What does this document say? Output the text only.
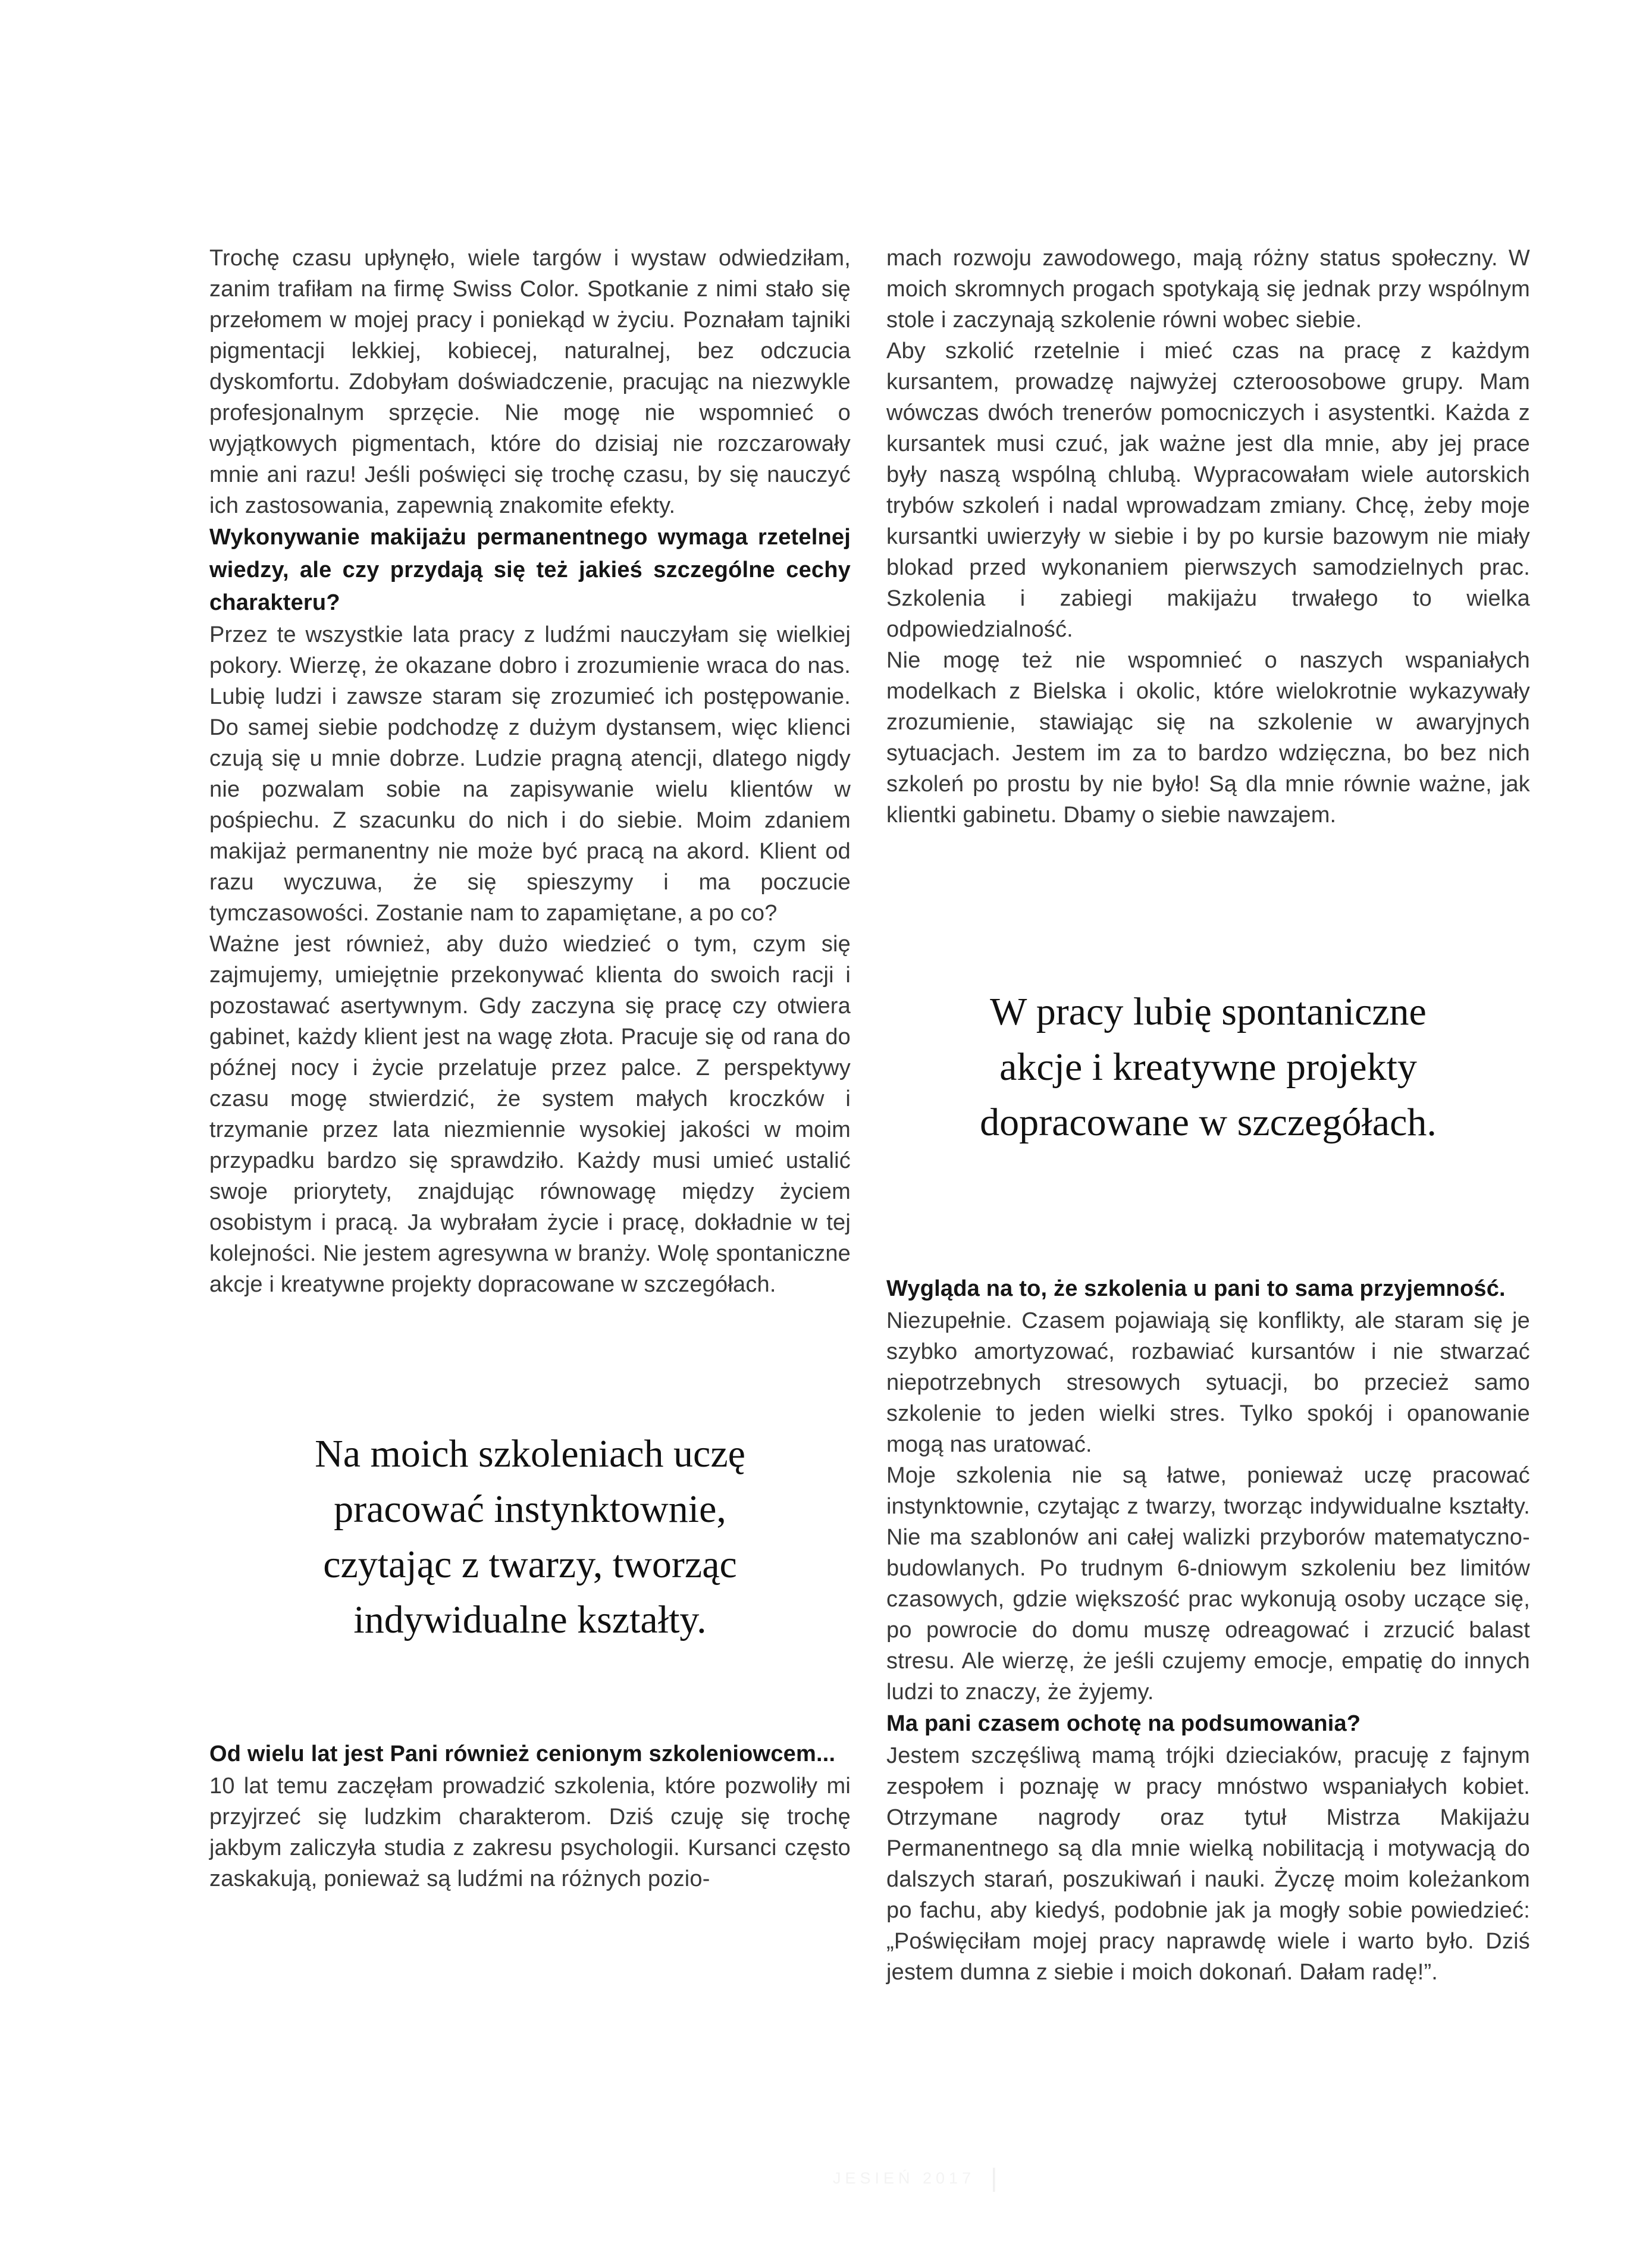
Trochę czasu upłynęło, wiele targów i wystaw odwiedziłam, zanim trafiłam na firmę Swiss Color. Spotkanie z nimi stało się przełomem w mojej pracy i poniekąd w życiu. Poznałam tajniki pigmentacji lekkiej, kobiecej, naturalnej, bez odczucia dyskomfortu. Zdobyłam doświadczenie, pracując na niezwykle profesjonalnym sprzęcie. Nie mogę nie wspomnieć o wyjątkowych pigmentach, które do dzisiaj nie rozczarowały mnie ani razu! Jeśli poświęci się trochę czasu, by się nauczyć ich zastosowania, zapewnią znakomite efekty.

Wykonywanie makijażu permanentnego wymaga rzetelnej wiedzy, ale czy przydają się też jakieś szczególne cechy charakteru?

Przez te wszystkie lata pracy z ludźmi nauczyłam się wielkiej pokory. Wierzę, że okazane dobro i zrozumienie wraca do nas. Lubię ludzi i zawsze staram się zrozumieć ich postępowanie. Do samej siebie podchodzę z dużym dystansem, więc klienci czują się u mnie dobrze. Ludzie pragną atencji, dlatego nigdy nie pozwalam sobie na zapisywanie wielu klientów w pośpiechu. Z szacunku do nich i do siebie. Moim zdaniem makijaż permanentny nie może być pracą na akord. Klient od razu wyczuwa, że się spieszymy i ma poczucie tymczasowości. Zostanie nam to zapamiętane, a po co?

Ważne jest również, aby dużo wiedzieć o tym, czym się zajmujemy, umiejętnie przekonywać klienta do swoich racji i pozostawać asertywnym. Gdy zaczyna się pracę czy otwiera gabinet, każdy klient jest na wagę złota. Pracuje się od rana do późnej nocy i życie przelatuje przez palce. Z perspektywy czasu mogę stwierdzić, że system małych kroczków i trzymanie przez lata niezmiennie wysokiej jakości w moim przypadku bardzo się sprawdziło. Każdy musi umieć ustalić swoje priorytety, znajdując równowagę między życiem osobistym i pracą. Ja wybrałam życie i pracę, dokładnie w tej kolejności. Nie jestem agresywna w branży. Wolę spontaniczne akcje i kreatywne projekty dopracowane w szczegółach.

Na moich szkoleniach uczę
pracować instynktownie,
czytając z twarzy, tworząc
indywidualne kształty.
Od wielu lat jest Pani również cenionym szkoleniowcem...

10 lat temu zaczęłam prowadzić szkolenia, które pozwoliły mi przyjrzeć się ludzkim charakterom. Dziś czuję się trochę jakbym zaliczyła studia z zakresu psychologii. Kursanci często zaskakują, ponieważ są ludźmi na różnych pozio-

mach rozwoju zawodowego, mają różny status społeczny. W moich skromnych progach spotykają się jednak przy wspólnym stole i zaczynają szkolenie równi wobec siebie.

Aby szkolić rzetelnie i mieć czas na pracę z każdym kursantem, prowadzę najwyżej czteroosobowe grupy. Mam wówczas dwóch trenerów pomocniczych i asystentki. Każda z kursantek musi czuć, jak ważne jest dla mnie, aby jej prace były naszą wspólną chlubą. Wypracowałam wiele autorskich trybów szkoleń i nadal wprowadzam zmiany. Chcę, żeby moje kursantki uwierzyły w siebie i by po kursie bazowym nie miały blokad przed wykonaniem pierwszych samodzielnych prac. Szkolenia i zabiegi makijażu trwałego to wielka odpowiedzialność.

Nie mogę też nie wspomnieć o naszych wspaniałych modelkach z Bielska i okolic, które wielokrotnie wykazywały zrozumienie, stawiając się na szkolenie w awaryjnych sytuacjach. Jestem im za to bardzo wdzięczna, bo bez nich szkoleń po prostu by nie było! Są dla mnie równie ważne, jak klientki gabinetu. Dbamy o siebie nawzajem.

W pracy lubię spontaniczne
akcje i kreatywne projekty
dopracowane w szczegółach.
Wygląda na to, że szkolenia u pani to sama przyjemność.

Niezupełnie. Czasem pojawiają się konflikty, ale staram się je szybko amortyzować, rozbawiać kursantów i nie stwarzać niepotrzebnych stresowych sytuacji, bo przecież samo szkolenie to jeden wielki stres. Tylko spokój i opanowanie mogą nas uratować.

Moje szkolenia nie są łatwe, ponieważ uczę pracować instynktownie, czytając z twarzy, tworząc indywidualne kształty. Nie ma szablonów ani całej walizki przyborów matematyczno-budowlanych. Po trudnym 6-dniowym szkoleniu bez limitów czasowych, gdzie większość prac wykonują osoby uczące się, po powrocie do domu muszę odreagować i zrzucić balast stresu. Ale wierzę, że jeśli czujemy emocje, empatię do innych ludzi to znaczy, że żyjemy.

Ma pani czasem ochotę na podsumowania?

Jestem szczęśliwą mamą trójki dzieciaków, pracuję z fajnym zespołem i poznaję w pracy mnóstwo wspaniałych kobiet. Otrzymane nagrody oraz tytuł Mistrza Makijażu Permanentnego są dla mnie wielką nobilitacją i motywacją do dalszych starań, poszukiwań i nauki. Życzę moim koleżankom po fachu, aby kiedyś, podobnie jak ja mogły sobie powiedzieć: „Poświęciłam mojej pracy naprawdę wiele i warto było. Dziś jestem dumna z siebie i moich dokonań. Dałam radę!”.

JESIEŃ 2017 |
